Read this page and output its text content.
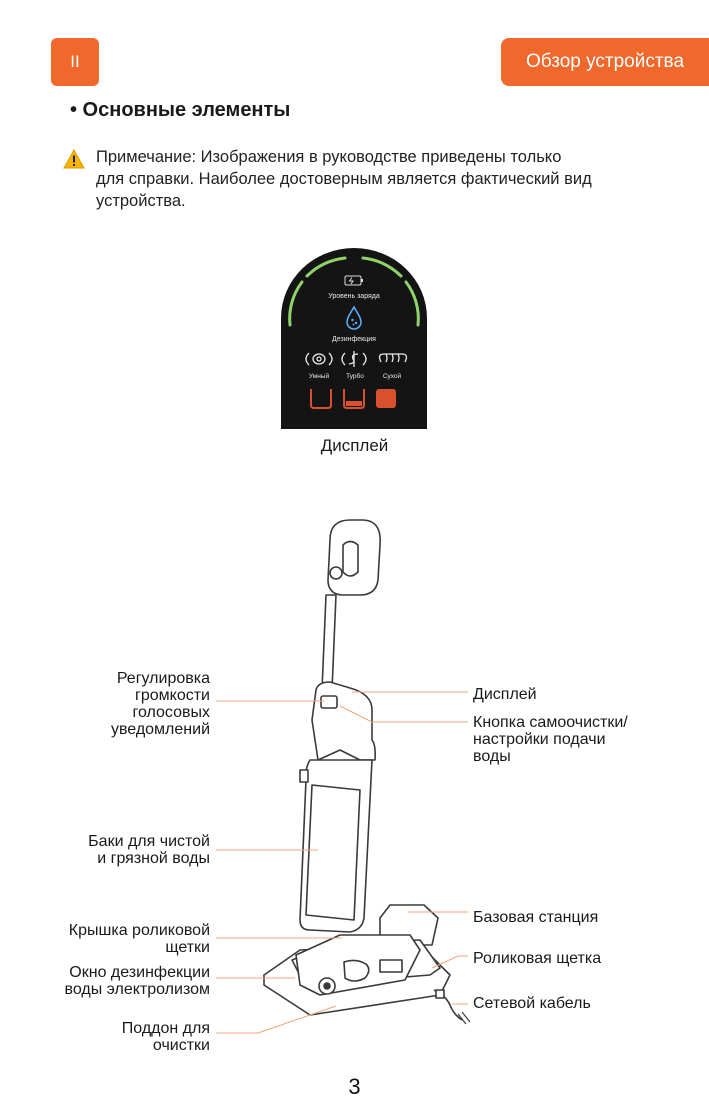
II	Обзор устройства
• Основные элементы
Примечание: Изображения в руководстве приведены только
для справки. Наиболее достоверным является фактический вид
устройства.
Уровень заряда
Дезинфекция
Умный	Турбо	Сухой
Дисплей
Регулировка
громкости
голосовых
уведомлений
Баки для чистой
и грязной воды
Крышка роликовой
щетки
Окно дезинфекции
воды электролизом
Поддон для
очистки
Дисплей
Кнопка самоочистки/
настройки подачи
воды
Базовая станция
Роликовая щетка
Сетевой кабель
3
